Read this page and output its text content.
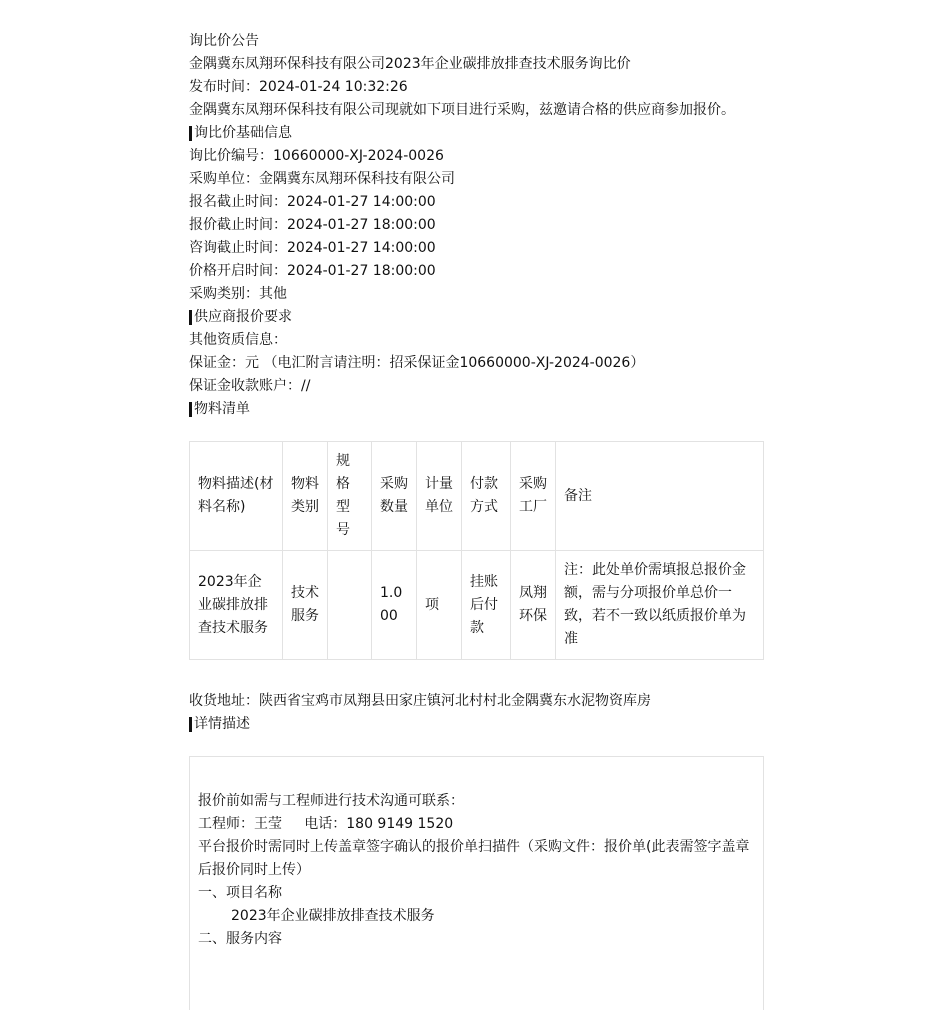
询比价公告
金隅冀东凤翔环保科技有限公司2023年企业碳排放排查技术服务询比价
发布时间：2024-01-24 10:32:26
金隅冀东凤翔环保科技有限公司现就如下项目进行采购，兹邀请合格的供应商参加报价。
询比价基础信息
询比价编号：10660000-XJ-2024-0026
采购单位：金隅冀东凤翔环保科技有限公司
报名截止时间：2024-01-27 14:00:00
报价截止时间：2024-01-27 18:00:00
咨询截止时间：2024-01-27 14:00:00
价格开启时间：2024-01-27 18:00:00
采购类别：其他
供应商报价要求
其他资质信息：
保证金：元 （电汇附言请注明：招采保证金10660000-XJ-2024-0026）
保证金收款账户：//
物料清单
物料描述(材料名称)	物料类别	规格型号	采购数量	计量单位	付款方式	采购工厂	备注
2023年企业碳排放排查技术服务	技术服务		1.000	项	挂账后付款	凤翔环保	注：此处单价需填报总报价金额，需与分项报价单总价一致，若不一致以纸质报价单为准
收货地址：陕西省宝鸡市凤翔县田家庄镇河北村村北金隅冀东水泥物资库房
详情描述
报价前如需与工程师进行技术沟通可联系：
工程师：王莹     电话：180 9149 1520
平台报价时需同时上传盖章签字确认的报价单扫描件（采购文件：报价单(此表需签字盖章后报价同时上传）
一、项目名称
2023年企业碳排放排查技术服务
二、服务内容
